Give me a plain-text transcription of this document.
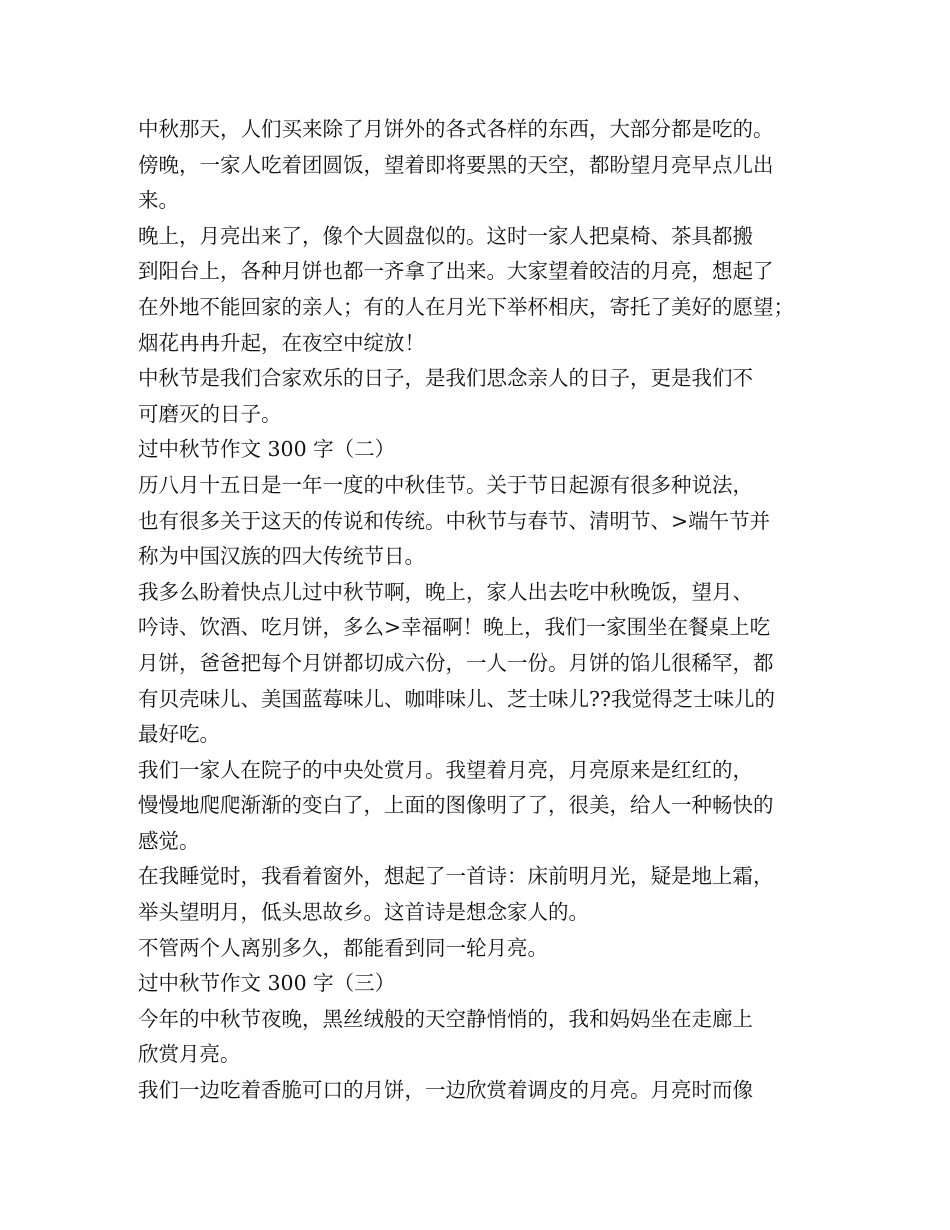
中秋那天，人们买来除了月饼外的各式各样的东西，大部分都是吃的。
傍晚，一家人吃着团圆饭，望着即将要黑的天空，都盼望月亮早点儿出
来。
晚上，月亮出来了，像个大圆盘似的。这时一家人把桌椅、茶具都搬
到阳台上，各种月饼也都一齐拿了出来。大家望着皎洁的月亮，想起了
在外地不能回家的亲人；有的人在月光下举杯相庆，寄托了美好的愿望；
烟花冉冉升起，在夜空中绽放！
中秋节是我们合家欢乐的日子，是我们思念亲人的日子，更是我们不
可磨灭的日子。
过中秋节作文 300 字（二）
历八月十五日是一年一度的中秋佳节。关于节日起源有很多种说法，
也有很多关于这天的传说和传统。中秋节与春节、清明节、>端午节并
称为中国汉族的四大传统节日。
我多么盼着快点儿过中秋节啊，晚上，家人出去吃中秋晚饭，望月、
吟诗、饮酒、吃月饼，多么>幸福啊！晚上，我们一家围坐在餐桌上吃
月饼，爸爸把每个月饼都切成六份，一人一份。月饼的馅儿很稀罕，都
有贝壳味儿、美国蓝莓味儿、咖啡味儿、芝士味儿??我觉得芝士味儿的
最好吃。
我们一家人在院子的中央处赏月。我望着月亮，月亮原来是红红的，
慢慢地爬爬渐渐的变白了，上面的图像明了了，很美，给人一种畅快的
感觉。
在我睡觉时，我看着窗外，想起了一首诗：床前明月光，疑是地上霜，
举头望明月，低头思故乡。这首诗是想念家人的。
不管两个人离别多久，都能看到同一轮月亮。
过中秋节作文 300 字（三）
今年的中秋节夜晚，黑丝绒般的天空静悄悄的，我和妈妈坐在走廊上
欣赏月亮。
我们一边吃着香脆可口的月饼，一边欣赏着调皮的月亮。月亮时而像
